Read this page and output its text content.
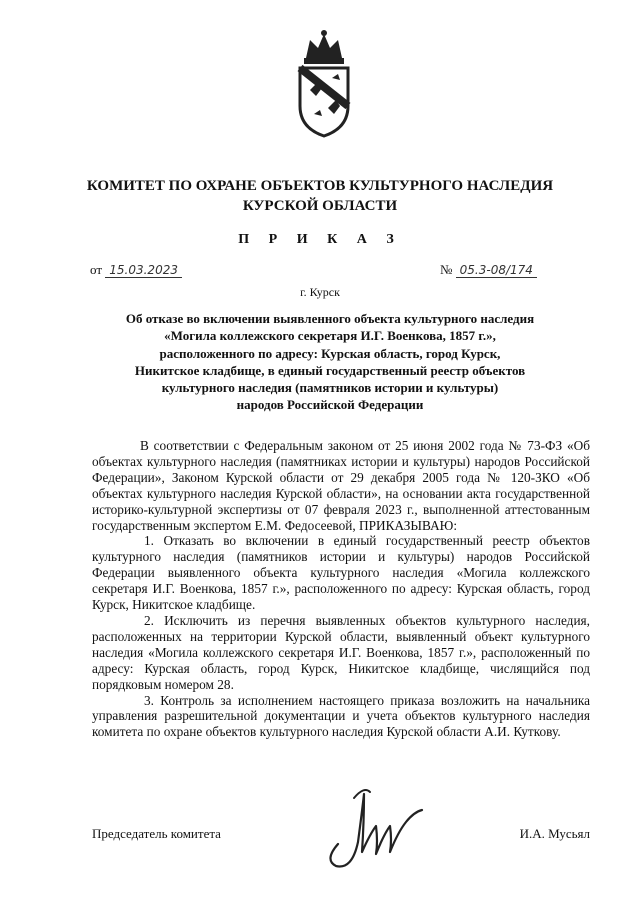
КОМИТЕТ ПО ОХРАНЕ ОБЪЕКТОВ КУЛЬТУРНОГО НАСЛЕДИЯ
КУРСКОЙ ОБЛАСТИ
П Р И К А З
от 15.03.2023	№ 05.3-08/174
г. Курск
Об отказе во включении выявленного объекта культурного наследия
«Могила коллежского секретаря И.Г. Военкова, 1857 г.»,
расположенного по адресу: Курская область, город Курск,
Никитское кладбище, в единый государственный реестр объектов
культурного наследия (памятников истории и культуры)
народов Российской Федерации

В соответствии с Федеральным законом от 25 июня 2002 года № 73-ФЗ «Об объектах культурного наследия (памятниках истории и культуры) народов Российской Федерации», Законом Курской области от 29 декабря 2005 года № 120-ЗКО «Об объектах культурного наследия Курской области», на основании акта государственной историко-культурной экспертизы от 07 февраля 2023 г., выполненной аттестованным государственным экспертом Е.М. Федосеевой, ПРИКАЗЫВАЮ:

1. Отказать во включении в единый государственный реестр объектов культурного наследия (памятников истории и культуры) народов Российской Федерации выявленного объекта культурного наследия «Могила коллежского секретаря И.Г. Военкова, 1857 г.», расположенного по адресу: Курская область, город Курск, Никитское кладбище.

2. Исключить из перечня выявленных объектов культурного наследия, расположенных на территории Курской области, выявленный объект культурного наследия «Могила коллежского секретаря И.Г. Военкова, 1857 г.», расположенный по адресу: Курская область, город Курск, Никитское кладбище, числящийся под порядковым номером 28.

3. Контроль за исполнением настоящего приказа возложить на начальника управления разрешительной документации и учета объектов культурного наследия комитета по охране объектов культурного наследия Курской области А.И. Куткову.

Председатель комитета	И.А. Мусьял
